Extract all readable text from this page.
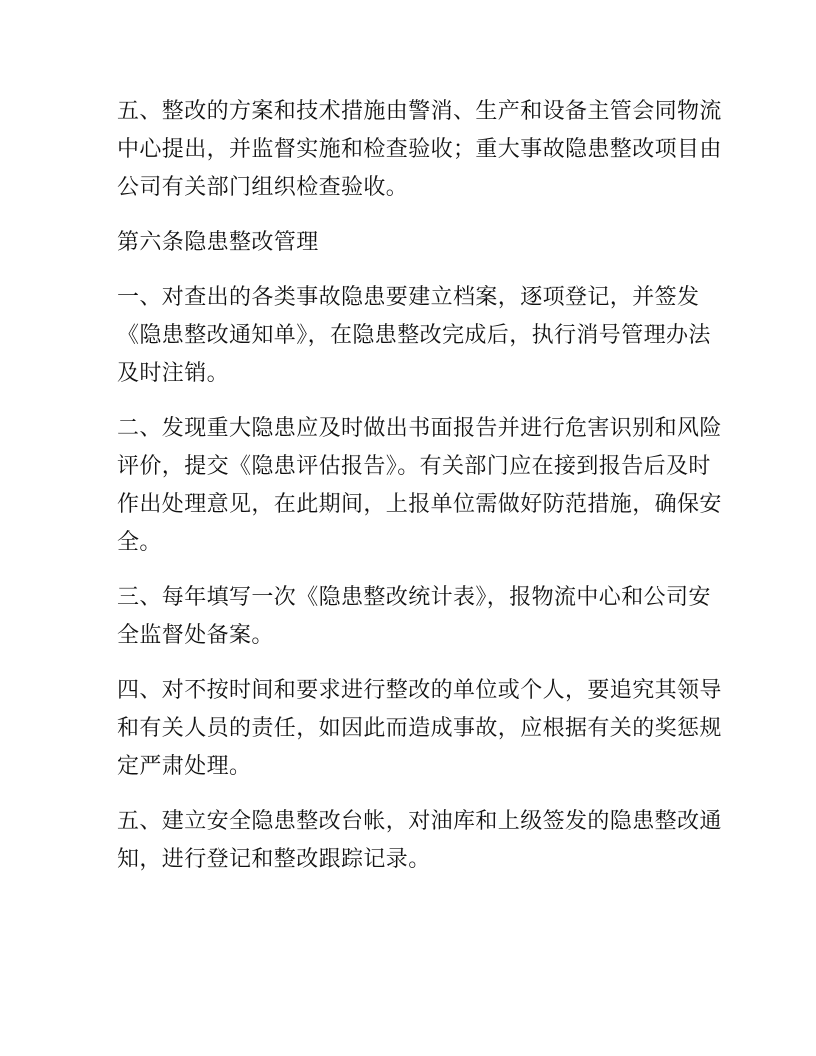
五、整改的方案和技术措施由警消、生产和设备主管会同物流
中心提出，并监督实施和检查验收；重大事故隐患整改项目由
公司有关部门组织检查验收。
第六条隐患整改管理
一、对查出的各类事故隐患要建立档案，逐项登记，并签发
《隐患整改通知单》，在隐患整改完成后，执行消号管理办法
及时注销。
二、发现重大隐患应及时做出书面报告并进行危害识别和风险
评价，提交《隐患评估报告》。有关部门应在接到报告后及时
作出处理意见，在此期间，上报单位需做好防范措施，确保安
全。
三、每年填写一次《隐患整改统计表》，报物流中心和公司安
全监督处备案。
四、对不按时间和要求进行整改的单位或个人，要追究其领导
和有关人员的责任，如因此而造成事故，应根据有关的奖惩规
定严肃处理。
五、建立安全隐患整改台帐，对油库和上级签发的隐患整改通
知，进行登记和整改跟踪记录。
